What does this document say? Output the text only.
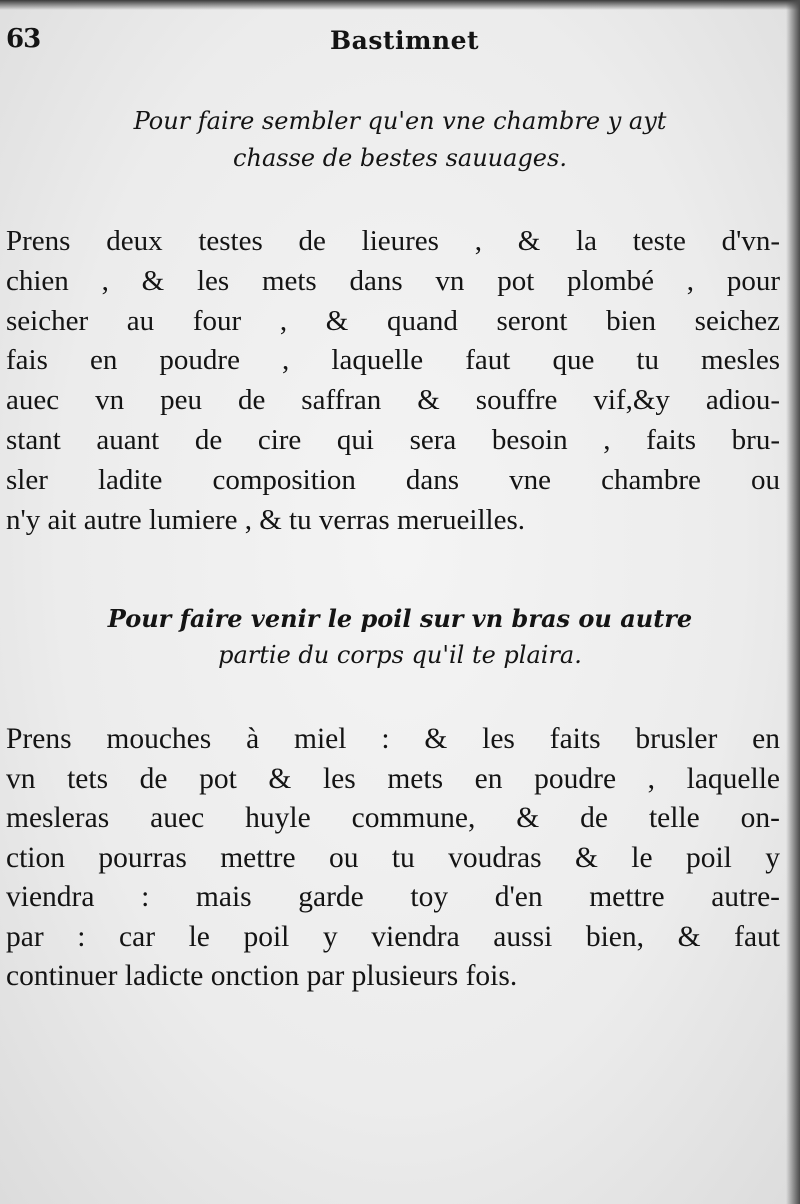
63	Bastimnet
Pour faire sembler qu'en vne chambre y ayt
chasse de bestes sauuages.

Prens deux testes de lieures , & la teste d'vn-
chien , & les mets dans vn pot plombé , pour
seicher au four , & quand seront bien seichez
fais en poudre , laquelle faut que tu mesles
auec vn peu de saffran & souffre vif,&y adiou-
stant auant de cire qui sera besoin , faits bru-
sler ladite composition dans vne chambre ou
n'y ait autre lumiere , & tu verras merueilles.

Pour faire venir le poil sur vn bras ou autre
partie du corps qu'il te plaira.

Prens mouches à miel : & les faits brusler en
vn tets de pot & les mets en poudre , laquelle
mesleras auec huyle commune, & de telle on-
ction pourras mettre ou tu voudras & le poil y
viendra : mais garde toy d'en mettre autre-
par : car le poil y viendra aussi bien, & faut
continuer ladicte onction par plusieurs fois.
